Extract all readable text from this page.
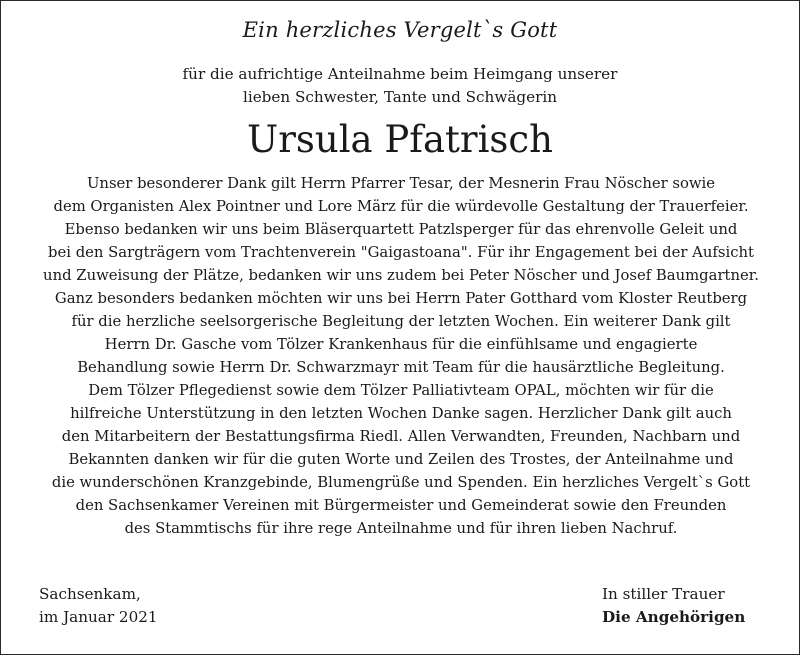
Ein herzliches Vergelt`s Gott
für die aufrichtige Anteilnahme beim Heimgang unserer
lieben Schwester, Tante und Schwägerin
Ursula Pfatrisch
Unser besonderer Dank gilt Herrn Pfarrer Tesar, der Mesnerin Frau Nöscher sowie
dem Organisten Alex Pointner und Lore März für die würdevolle Gestaltung der Trauerfeier.
Ebenso bedanken wir uns beim Bläserquartett Patzlsperger für das ehrenvolle Geleit und
bei den Sargträgern vom Trachtenverein "Gaigastoana". Für ihr Engagement bei der Aufsicht
und Zuweisung der Plätze, bedanken wir uns zudem bei Peter Nöscher und Josef Baumgartner.
Ganz besonders bedanken möchten wir uns bei Herrn Pater Gotthard vom Kloster Reutberg
für die herzliche seelsorgerische Begleitung der letzten Wochen. Ein weiterer Dank gilt
Herrn Dr. Gasche vom Tölzer Krankenhaus für die einfühlsame und engagierte
Behandlung sowie Herrn Dr. Schwarzmayr mit Team für die hausärztliche Begleitung.
Dem Tölzer Pflegedienst sowie dem Tölzer Palliativteam OPAL, möchten wir für die
hilfreiche Unterstützung in den letzten Wochen Danke sagen. Herzlicher Dank gilt auch
den Mitarbeitern der Bestattungsfirma Riedl. Allen Verwandten, Freunden, Nachbarn und
Bekannten danken wir für die guten Worte und Zeilen des Trostes, der Anteilnahme und
die wunderschönen Kranzgebinde, Blumengrüße und Spenden. Ein herzliches Vergelt`s Gott
den Sachsenkamer Vereinen mit Bürgermeister und Gemeinderat sowie den Freunden
des Stammtischs für ihre rege Anteilnahme und für ihren lieben Nachruf.
Sachsenkam,
im Januar 2021
In stiller Trauer
Die Angehörigen
